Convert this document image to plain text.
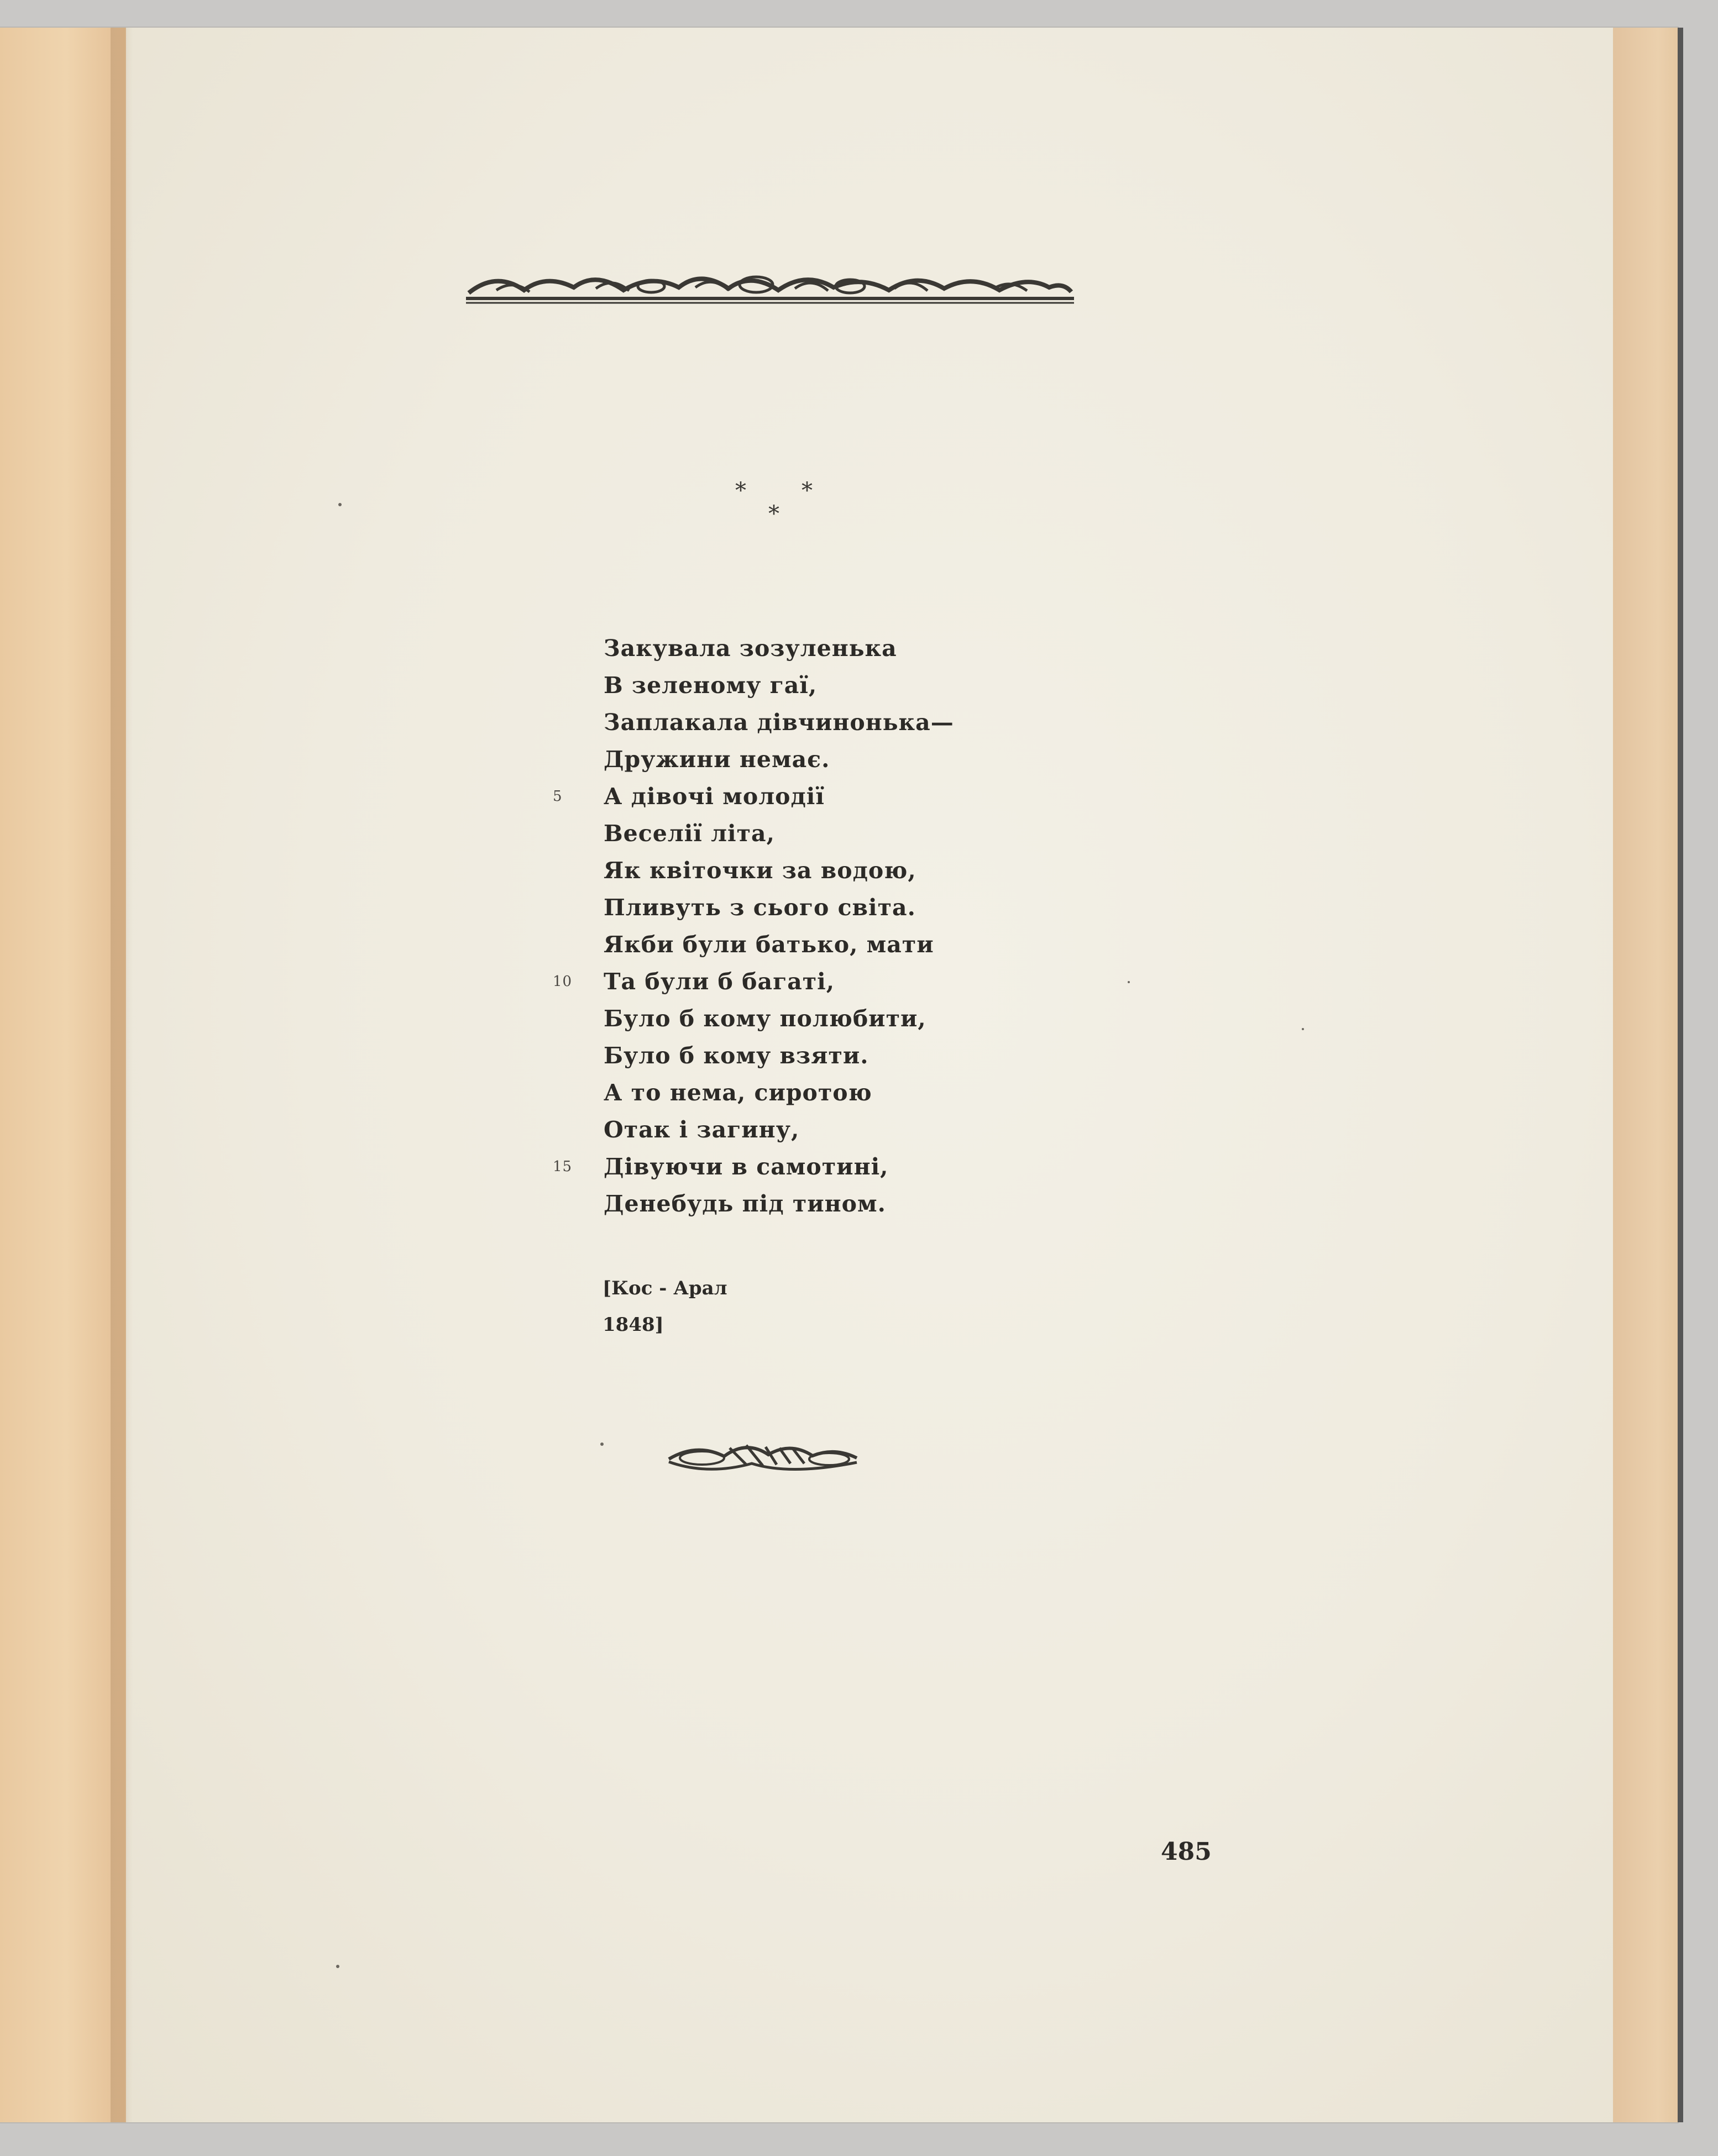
*	*
*
Закувала зозуленька
В зеленому гаї,
Заплакала дівчинонька—
Дружини немає.
5	А дівочі молодії
Веселії літа,
Як квіточки за водою,
Пливуть з сього світа.
Якби були батько, мати
10	Та були б багаті,
Було б кому полюбити,
Було б кому взяти.
А то нема, сиротою
Отак і загину,
15	Дівуючи в самотині,
Денебудь під тином.
[Кос - Арал
1848]
485
